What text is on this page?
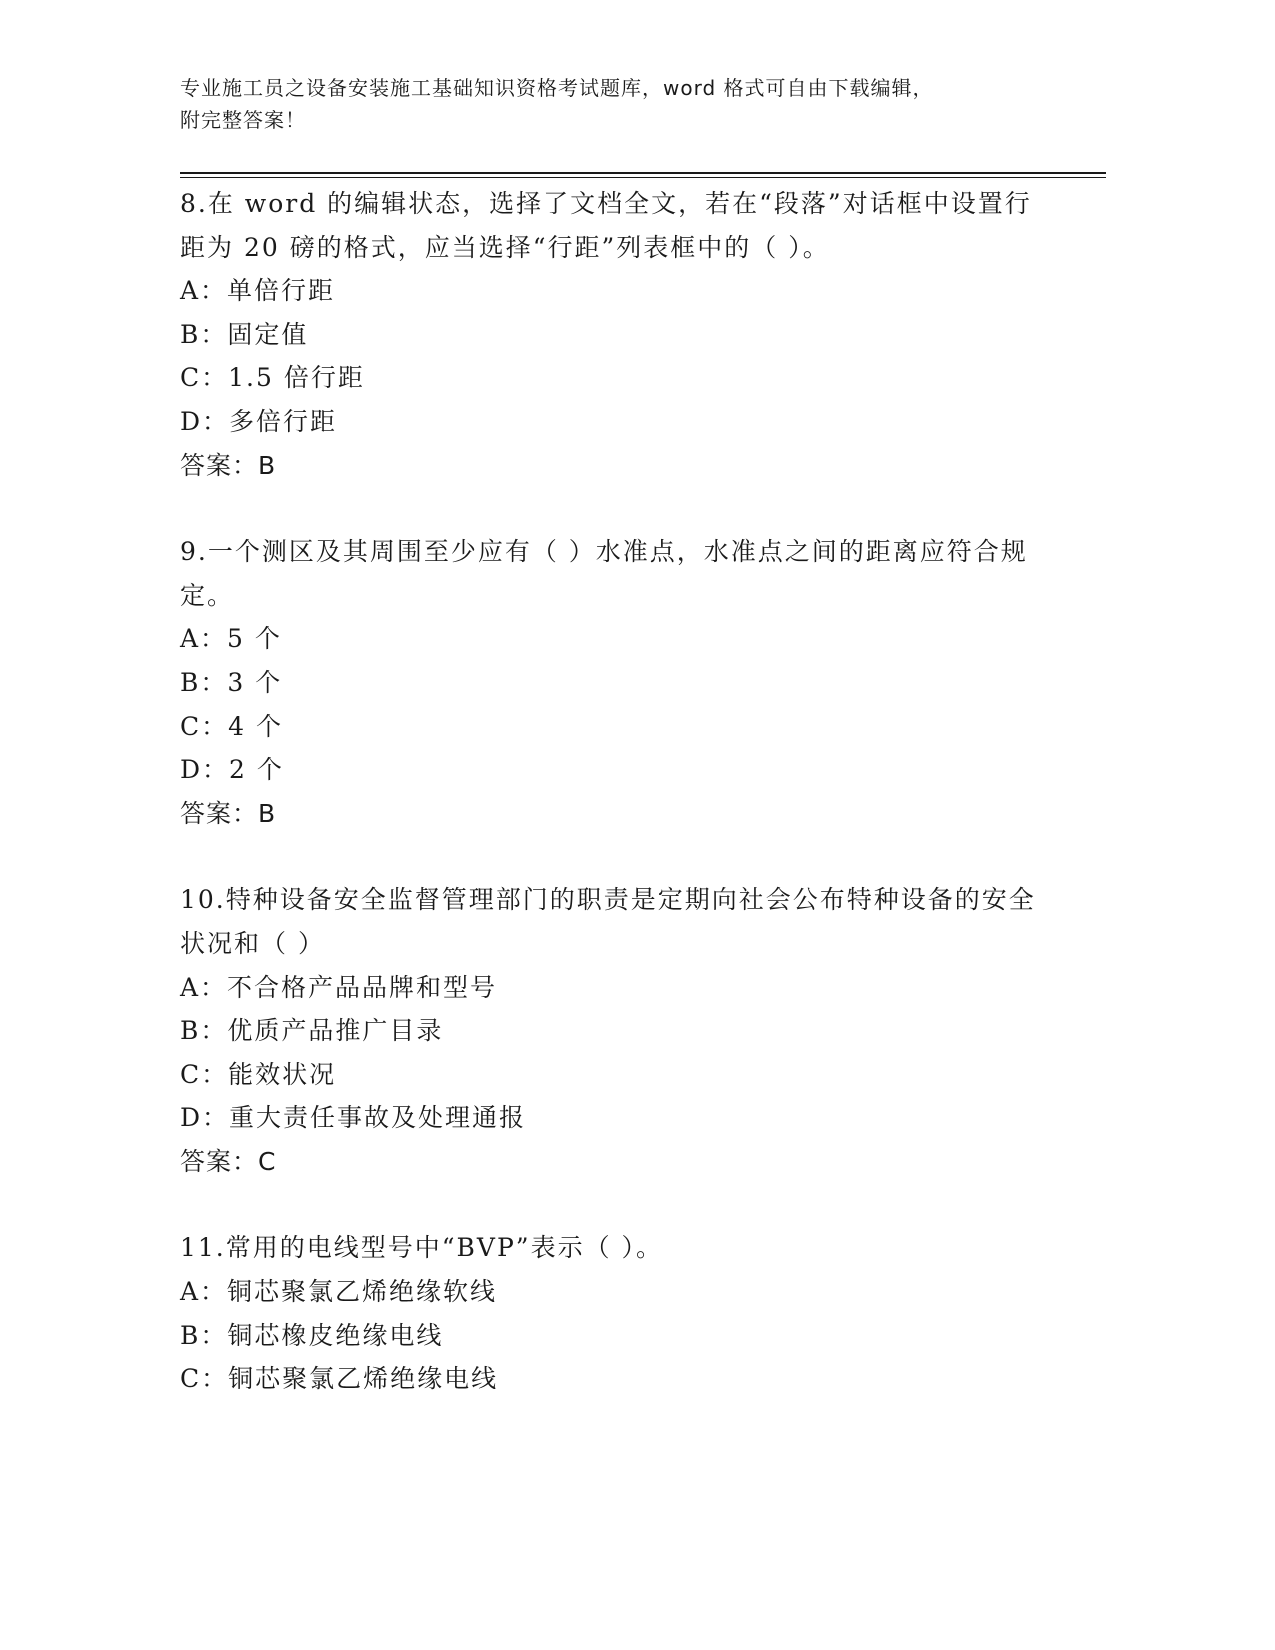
专业施工员之设备安装施工基础知识资格考试题库，word 格式可自由下载编辑，
附完整答案！
8.在 word 的编辑状态，选择了文档全文，若在“段落”对话框中设置行距为 20 磅的格式，应当选择“行距”列表框中的（ ）。
A：单倍行距
B：固定值
C：1.5 倍行距
D：多倍行距
答案：B
9.一个测区及其周围至少应有（ ）水准点，水准点之间的距离应符合规定。
A：5 个
B：3 个
C：4 个
D：2 个
答案：B
10.特种设备安全监督管理部门的职责是定期向社会公布特种设备的安全状况和（ ）
A：不合格产品品牌和型号
B：优质产品推广目录
C：能效状况
D：重大责任事故及处理通报
答案：C
11.常用的电线型号中“BVP”表示（ ）。
A：铜芯聚氯乙烯绝缘软线
B：铜芯橡皮绝缘电线
C：铜芯聚氯乙烯绝缘电线
